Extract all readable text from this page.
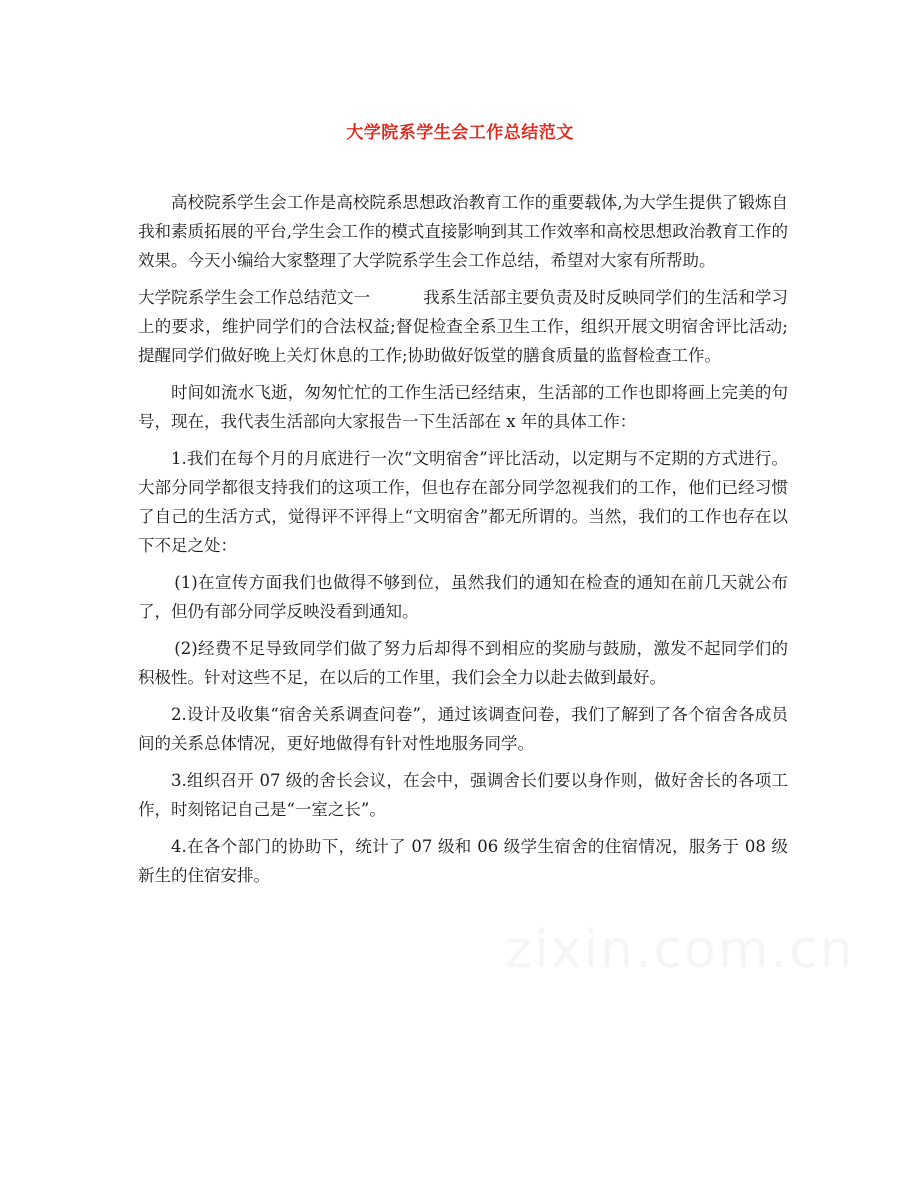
大学院系学生会工作总结范文

高校院系学生会工作是高校院系思想政治教育工作的重要载体,为大学生提供了锻炼自我和素质拓展的平台,学生会工作的模式直接影响到其工作效率和高校思想政治教育工作的效果。今天小编给大家整理了大学院系学生会工作总结，希望对大家有所帮助。

大学院系学生会工作总结范文一	我系生活部主要负责及时反映同学们的生活和学习上的要求，维护同学们的合法权益;督促检查全系卫生工作，组织开展文明宿舍评比活动;提醒同学们做好晚上关灯休息的工作;协助做好饭堂的膳食质量的监督检查工作。

时间如流水飞逝，匆匆忙忙的工作生活已经结束，生活部的工作也即将画上完美的句号，现在，我代表生活部向大家报告一下生活部在 x 年的具体工作：

1.我们在每个月的月底进行一次“文明宿舍”评比活动，以定期与不定期的方式进行。大部分同学都很支持我们的这项工作，但也存在部分同学忽视我们的工作，他们已经习惯了自己的生活方式，觉得评不评得上“文明宿舍”都无所谓的。当然，我们的工作也存在以下不足之处：

(1)在宣传方面我们也做得不够到位，虽然我们的通知在检查的通知在前几天就公布了，但仍有部分同学反映没看到通知。

(2)经费不足导致同学们做了努力后却得不到相应的奖励与鼓励，激发不起同学们的积极性。针对这些不足，在以后的工作里，我们会全力以赴去做到最好。

2.设计及收集“宿舍关系调查问卷”，通过该调查问卷，我们了解到了各个宿舍各成员间的关系总体情况，更好地做得有针对性地服务同学。

3.组织召开 07 级的舍长会议，在会中，强调舍长们要以身作则，做好舍长的各项工作，时刻铭记自己是“一室之长”。

4.在各个部门的协助下，统计了 07 级和 06 级学生宿舍的住宿情况，服务于 08 级新生的住宿安排。
